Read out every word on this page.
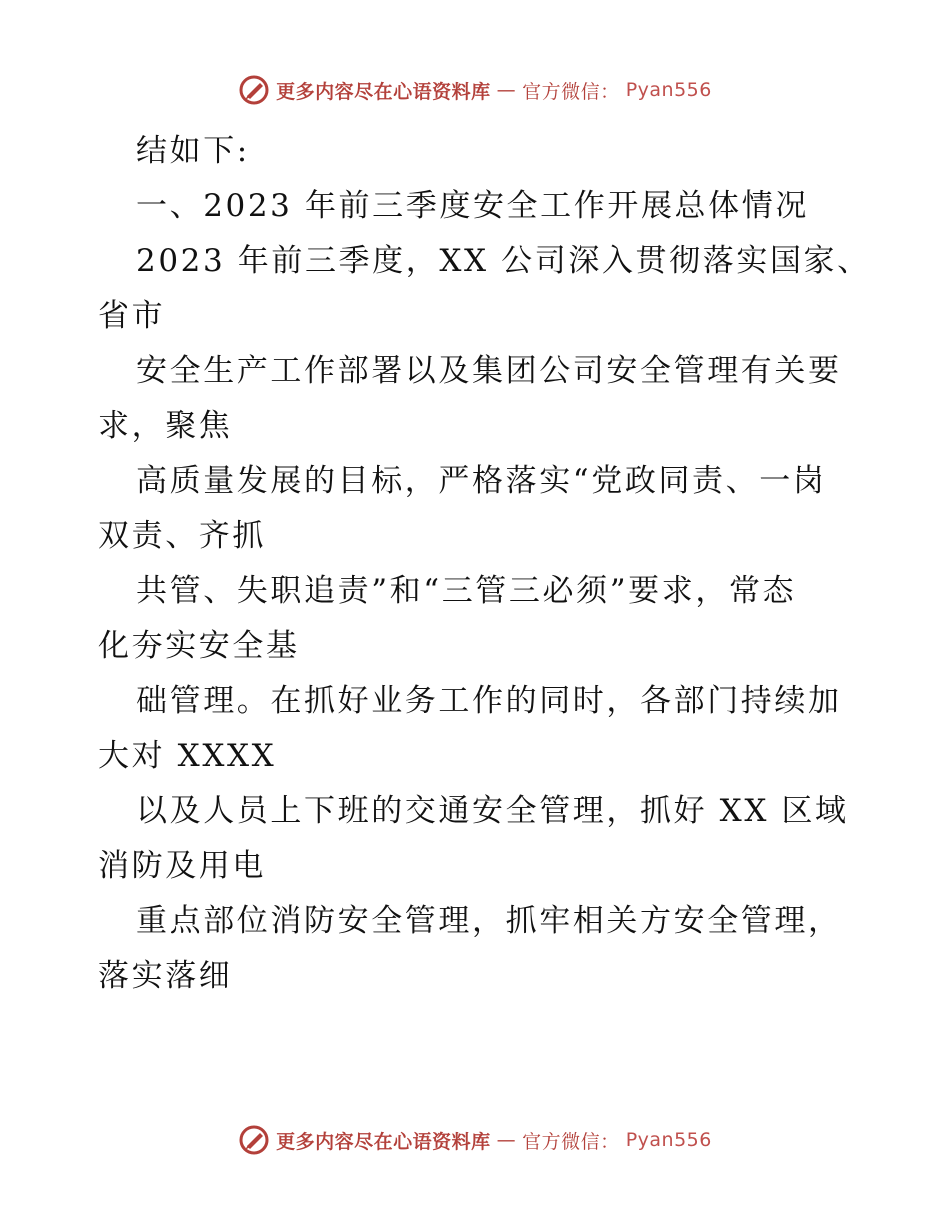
更多内容尽在心语资料库 — 官方微信： Pyan556
结如下:
一、2023 年前三季度安全工作开展总体情况
2023 年前三季度，XX 公司深入贯彻落实国家、
省市
安全生产工作部署以及集团公司安全管理有关要
求，聚焦
高质量发展的目标，严格落实“党政同责、一岗
双责、齐抓
共管、失职追责”和“三管三必须”要求，常态
化夯实安全基
础管理。在抓好业务工作的同时，各部门持续加
大对 XXXX
以及人员上下班的交通安全管理，抓好 XX 区域
消防及用电
重点部位消防安全管理，抓牢相关方安全管理，
落实落细
更多内容尽在心语资料库 — 官方微信： Pyan556
